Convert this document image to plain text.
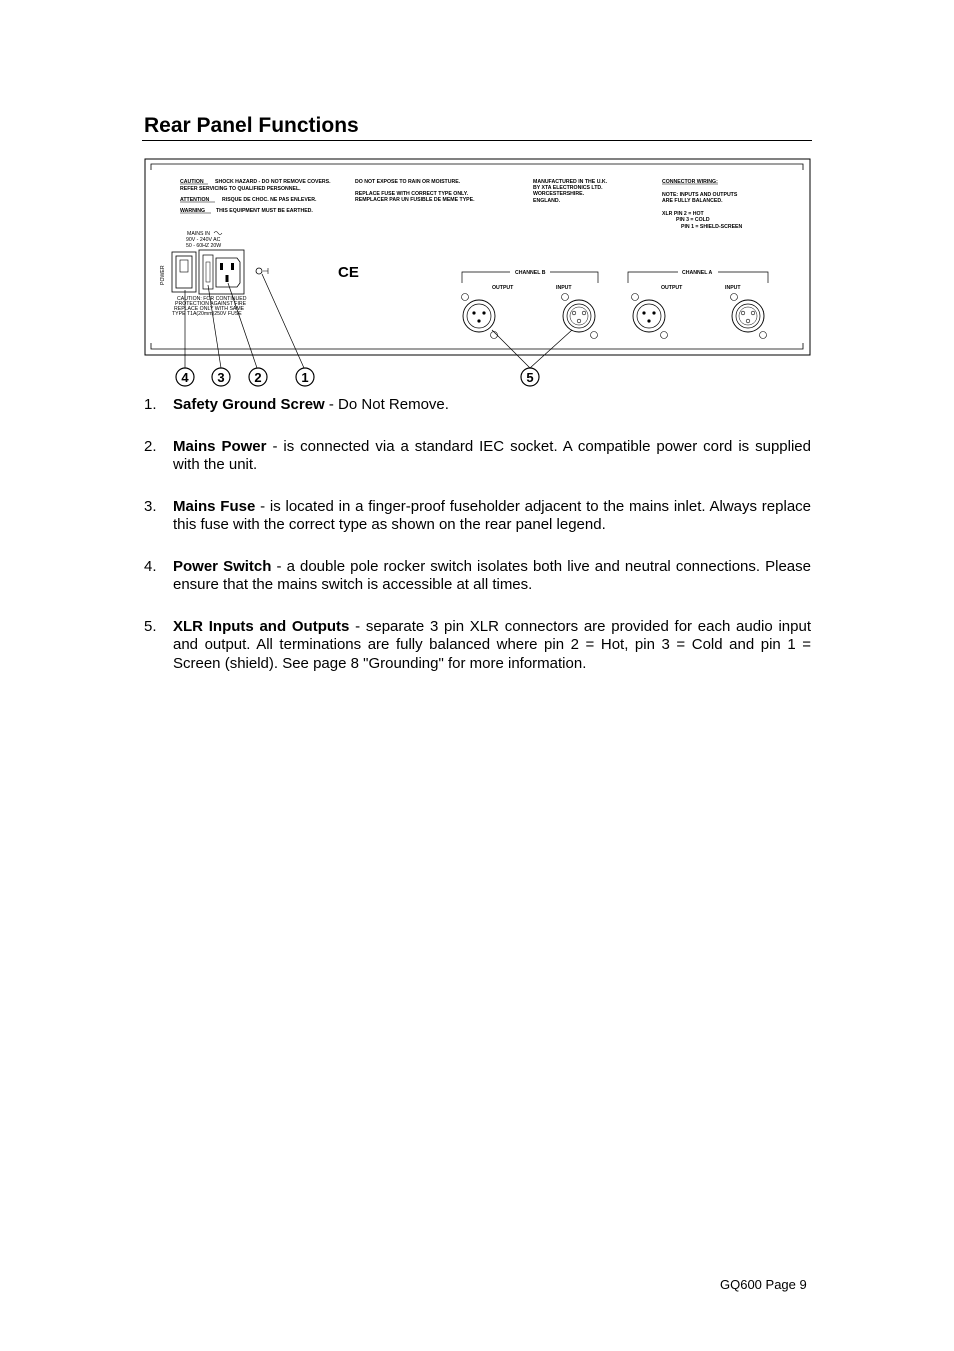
Rear Panel Functions
CAUTION SHOCK HAZARD - DO NOT REMOVE COVERS.
REFER SERVICING TO QUALIFIED PERSONNEL.
ATTENTION RISQUE DE CHOC. NE PAS ENLEVER.
WARNING THIS EQUIPMENT MUST BE EARTHED.
DO NOT EXPOSE TO RAIN OR MOISTURE.
REPLACE FUSE WITH CORRECT TYPE ONLY.
REMPLACER PAR UN FUSIBLE DE MEME TYPE.
MANUFACTURED IN THE U.K.
BY XTA ELECTRONICS LTD.
WORCESTERSHIRE.
ENGLAND.
CONNECTOR WIRING:
NOTE: INPUTS AND OUTPUTS
ARE FULLY BALANCED.
XLR PIN 2 = HOT
PIN 3 = COLD
PIN 1 = SHIELD-SCREEN
MAINS IN
90V - 240V AC
50 - 60HZ 20W
POWER
CAUTION: FOR CONTINUED
PROTECTION AGAINST FIRE
REPLACE ONLY WITH SAME
TYPE T1A(20mm)250V FUSE
CE	CHANNEL B	CHANNEL A
OUTPUT	INPUT	OUTPUT	INPUT
4 3 2	1	5
1.	Safety Ground Screw - Do Not Remove.
2.	Mains Power - is connected via a standard IEC socket. A compatible power cord is supplied with the unit.
3.	Mains Fuse - is located in a finger-proof fuseholder adjacent to the mains inlet. Always replace this fuse with the correct type as shown on the rear panel legend.
4.	Power Switch - a double pole rocker switch isolates both live and neutral connections. Please ensure that the mains switch is accessible at all times.
5.	XLR Inputs and Outputs - separate 3 pin XLR connectors are provided for each audio input and output. All terminations are fully balanced where pin 2 = Hot, pin 3 = Cold and pin 1 = Screen (shield). See page 8 "Grounding" for more information.
GQ600 Page 9
